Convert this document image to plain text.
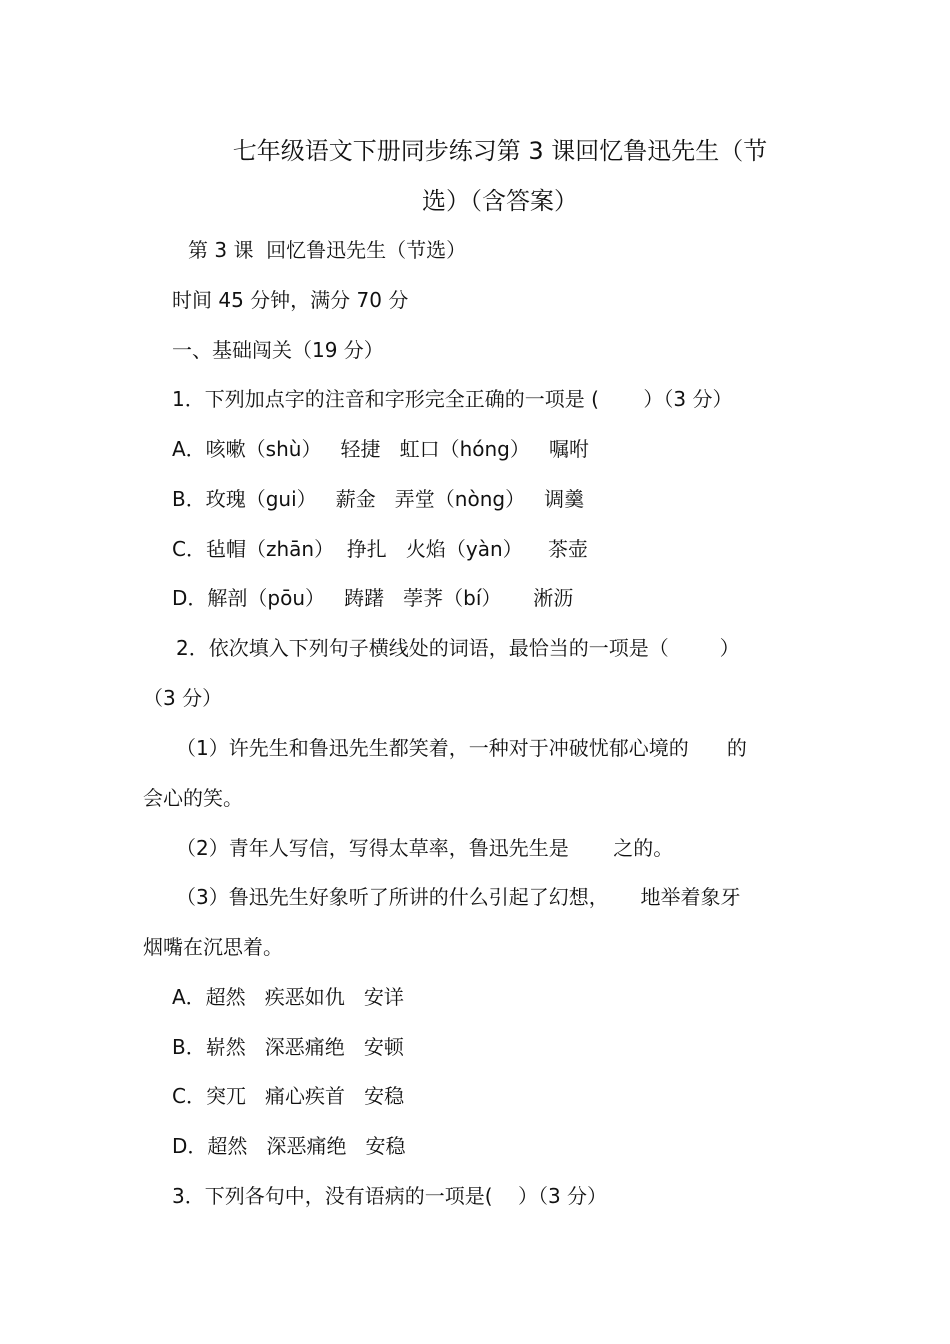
七年级语文下册同步练习第 3 课回忆鲁迅先生（节
选）（含答案）
第 3 课  回忆鲁迅先生（节选）
时间 45 分钟，满分 70 分
一、基础闯关（19 分）
1．下列加点字的注音和字形完全正确的一项是 (       ）（3 分）
A．咳嗽（shù）   轻捷   虹口（hóng）   嘱咐
B．玫瑰（gui）   薪金   弄堂（nòng）   调羹
C．毡帽（zhān）  挣扎   火焰（yàn）    茶壶
D．解剖（pōu）   踌躇   荸荠（bí）     淅沥
2．依次填入下列句子横线处的词语，最恰当的一项是（        ）
（3 分）
（1）许先生和鲁迅先生都笑着，一种对于冲破忧郁心境的      的
会心的笑。
（2）青年人写信，写得太草率，鲁迅先生是       之的。
（3）鲁迅先生好象听了所讲的什么引起了幻想，     地举着象牙
烟嘴在沉思着。
A．超然   疾恶如仇   安详
B．崭然   深恶痛绝   安顿
C．突兀   痛心疾首   安稳
D．超然   深恶痛绝   安稳
3．下列各句中，没有语病的一项是(    ）（3 分）
